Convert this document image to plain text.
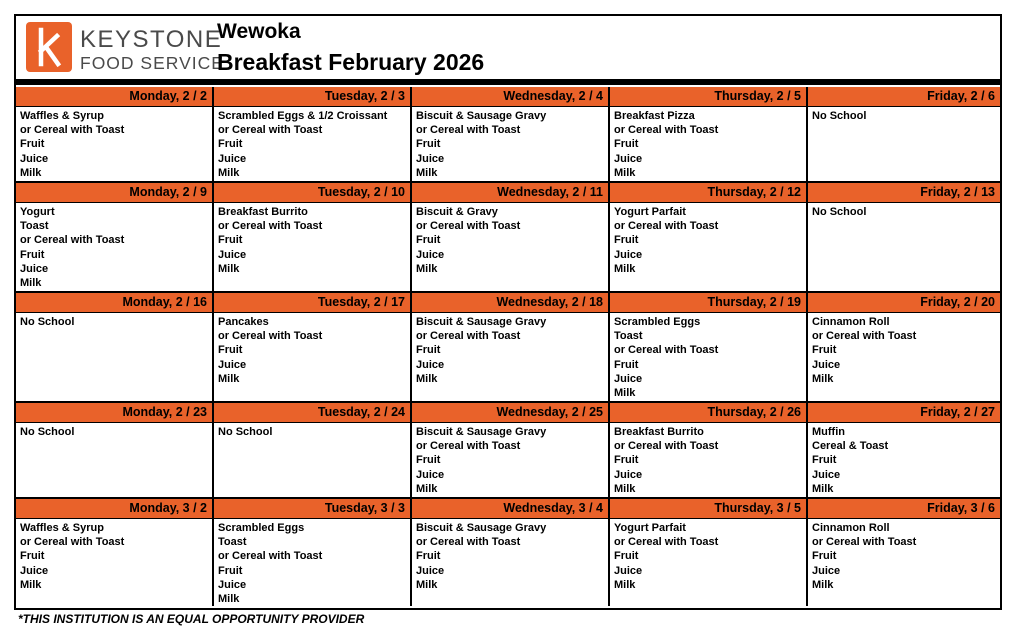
KEYSTONE
FOOD SERVICE
Wewoka
Breakfast February 2026
Monday, 2 / 2
Waffles & Syrup
or Cereal with Toast
Fruit
Juice
Milk
Tuesday, 2 / 3
Scrambled Eggs & 1/2 Croissant
or Cereal with Toast
Fruit
Juice
Milk
Wednesday, 2 / 4
Biscuit & Sausage Gravy
or Cereal with Toast
Fruit
Juice
Milk
Thursday, 2 / 5
Breakfast Pizza
or Cereal with Toast
Fruit
Juice
Milk
Friday, 2 / 6
No School
Monday, 2 / 9
Yogurt
Toast
or Cereal with Toast
Fruit
Juice
Milk
Tuesday, 2 / 10
Breakfast Burrito
or Cereal with Toast
Fruit
Juice
Milk
Wednesday, 2 / 11
Biscuit & Gravy
or Cereal with Toast
Fruit
Juice
Milk
Thursday, 2 / 12
Yogurt Parfait
or Cereal with Toast
Fruit
Juice
Milk
Friday, 2 / 13
No School
Monday, 2 / 16
No School
Tuesday, 2 / 17
Pancakes
or Cereal with Toast
Fruit
Juice
Milk
Wednesday, 2 / 18
Biscuit & Sausage Gravy
or Cereal with Toast
Fruit
Juice
Milk
Thursday, 2 / 19
Scrambled Eggs
Toast
or Cereal with Toast
Fruit
Juice
Milk
Friday, 2 / 20
Cinnamon Roll
or Cereal with Toast
Fruit
Juice
Milk
Monday, 2 / 23
No School
Tuesday, 2 / 24
No School
Wednesday, 2 / 25
Biscuit & Sausage Gravy
or Cereal with Toast
Fruit
Juice
Milk
Thursday, 2 / 26
Breakfast Burrito
or Cereal with Toast
Fruit
Juice
Milk
Friday, 2 / 27
Muffin
Cereal & Toast
Fruit
Juice
Milk
Monday, 3 / 2
Waffles & Syrup
or Cereal with Toast
Fruit
Juice
Milk
Tuesday, 3 / 3
Scrambled Eggs
Toast
or Cereal with Toast
Fruit
Juice
Milk
Wednesday, 3 / 4
Biscuit & Sausage Gravy
or Cereal with Toast
Fruit
Juice
Milk
Thursday, 3 / 5
Yogurt Parfait
or Cereal with Toast
Fruit
Juice
Milk
Friday, 3 / 6
Cinnamon Roll
or Cereal with Toast
Fruit
Juice
Milk
*THIS INSTITUTION IS AN EQUAL OPPORTUNITY PROVIDER
